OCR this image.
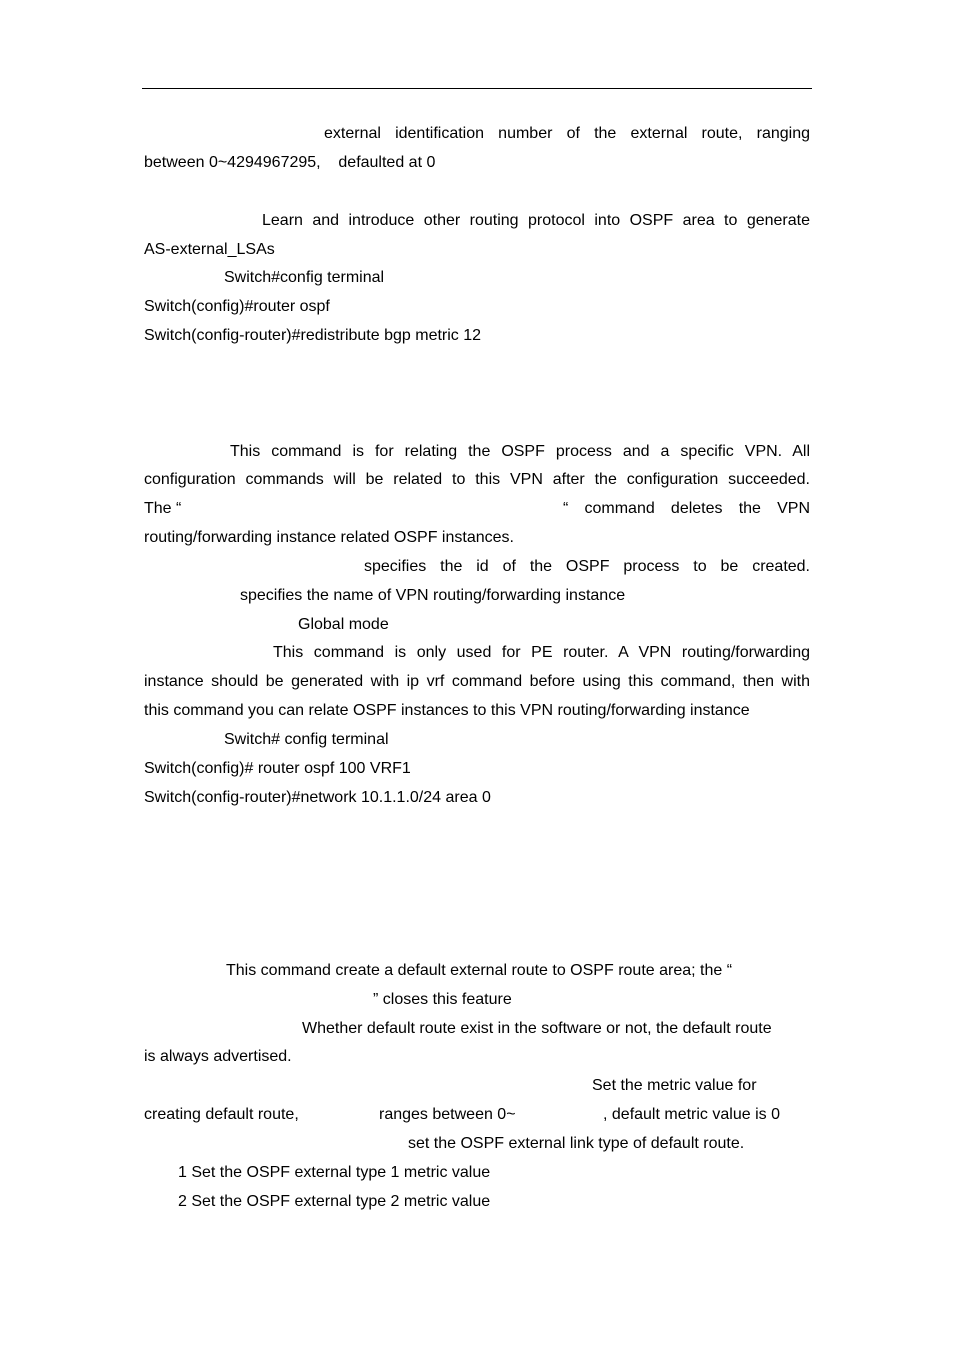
external identification number of the external route, ranging
between 0~4294967295,    defaulted at 0
Learn and introduce other routing protocol into OSPF area to generate
AS-external_LSAs
Switch#config terminal
Switch(config)#router ospf
Switch(config-router)#redistribute bgp metric 12
This command is for relating the OSPF process and a specific VPN. All
configuration commands will be related to this VPN after the configuration succeeded.
The “	“ command deletes the VPN
routing/forwarding instance related OSPF instances.
specifies the id of the OSPF process to be created.
specifies the name of VPN routing/forwarding instance
Global mode
This command is only used for PE router. A VPN routing/forwarding
instance should be generated with ip vrf command before using this command, then with
this command you can relate OSPF instances to this VPN routing/forwarding instance
Switch# config terminal
Switch(config)# router ospf 100 VRF1
Switch(config-router)#network 10.1.1.0/24 area 0
This command create a default external route to OSPF route area; the “
” closes this feature
Whether default route exist in the software or not, the default route
is always advertised.
Set the metric value for
creating default route,	ranges between 0~	, default metric value is 0
set the OSPF external link type of default route.
1 Set the OSPF external type 1 metric value
2 Set the OSPF external type 2 metric value
